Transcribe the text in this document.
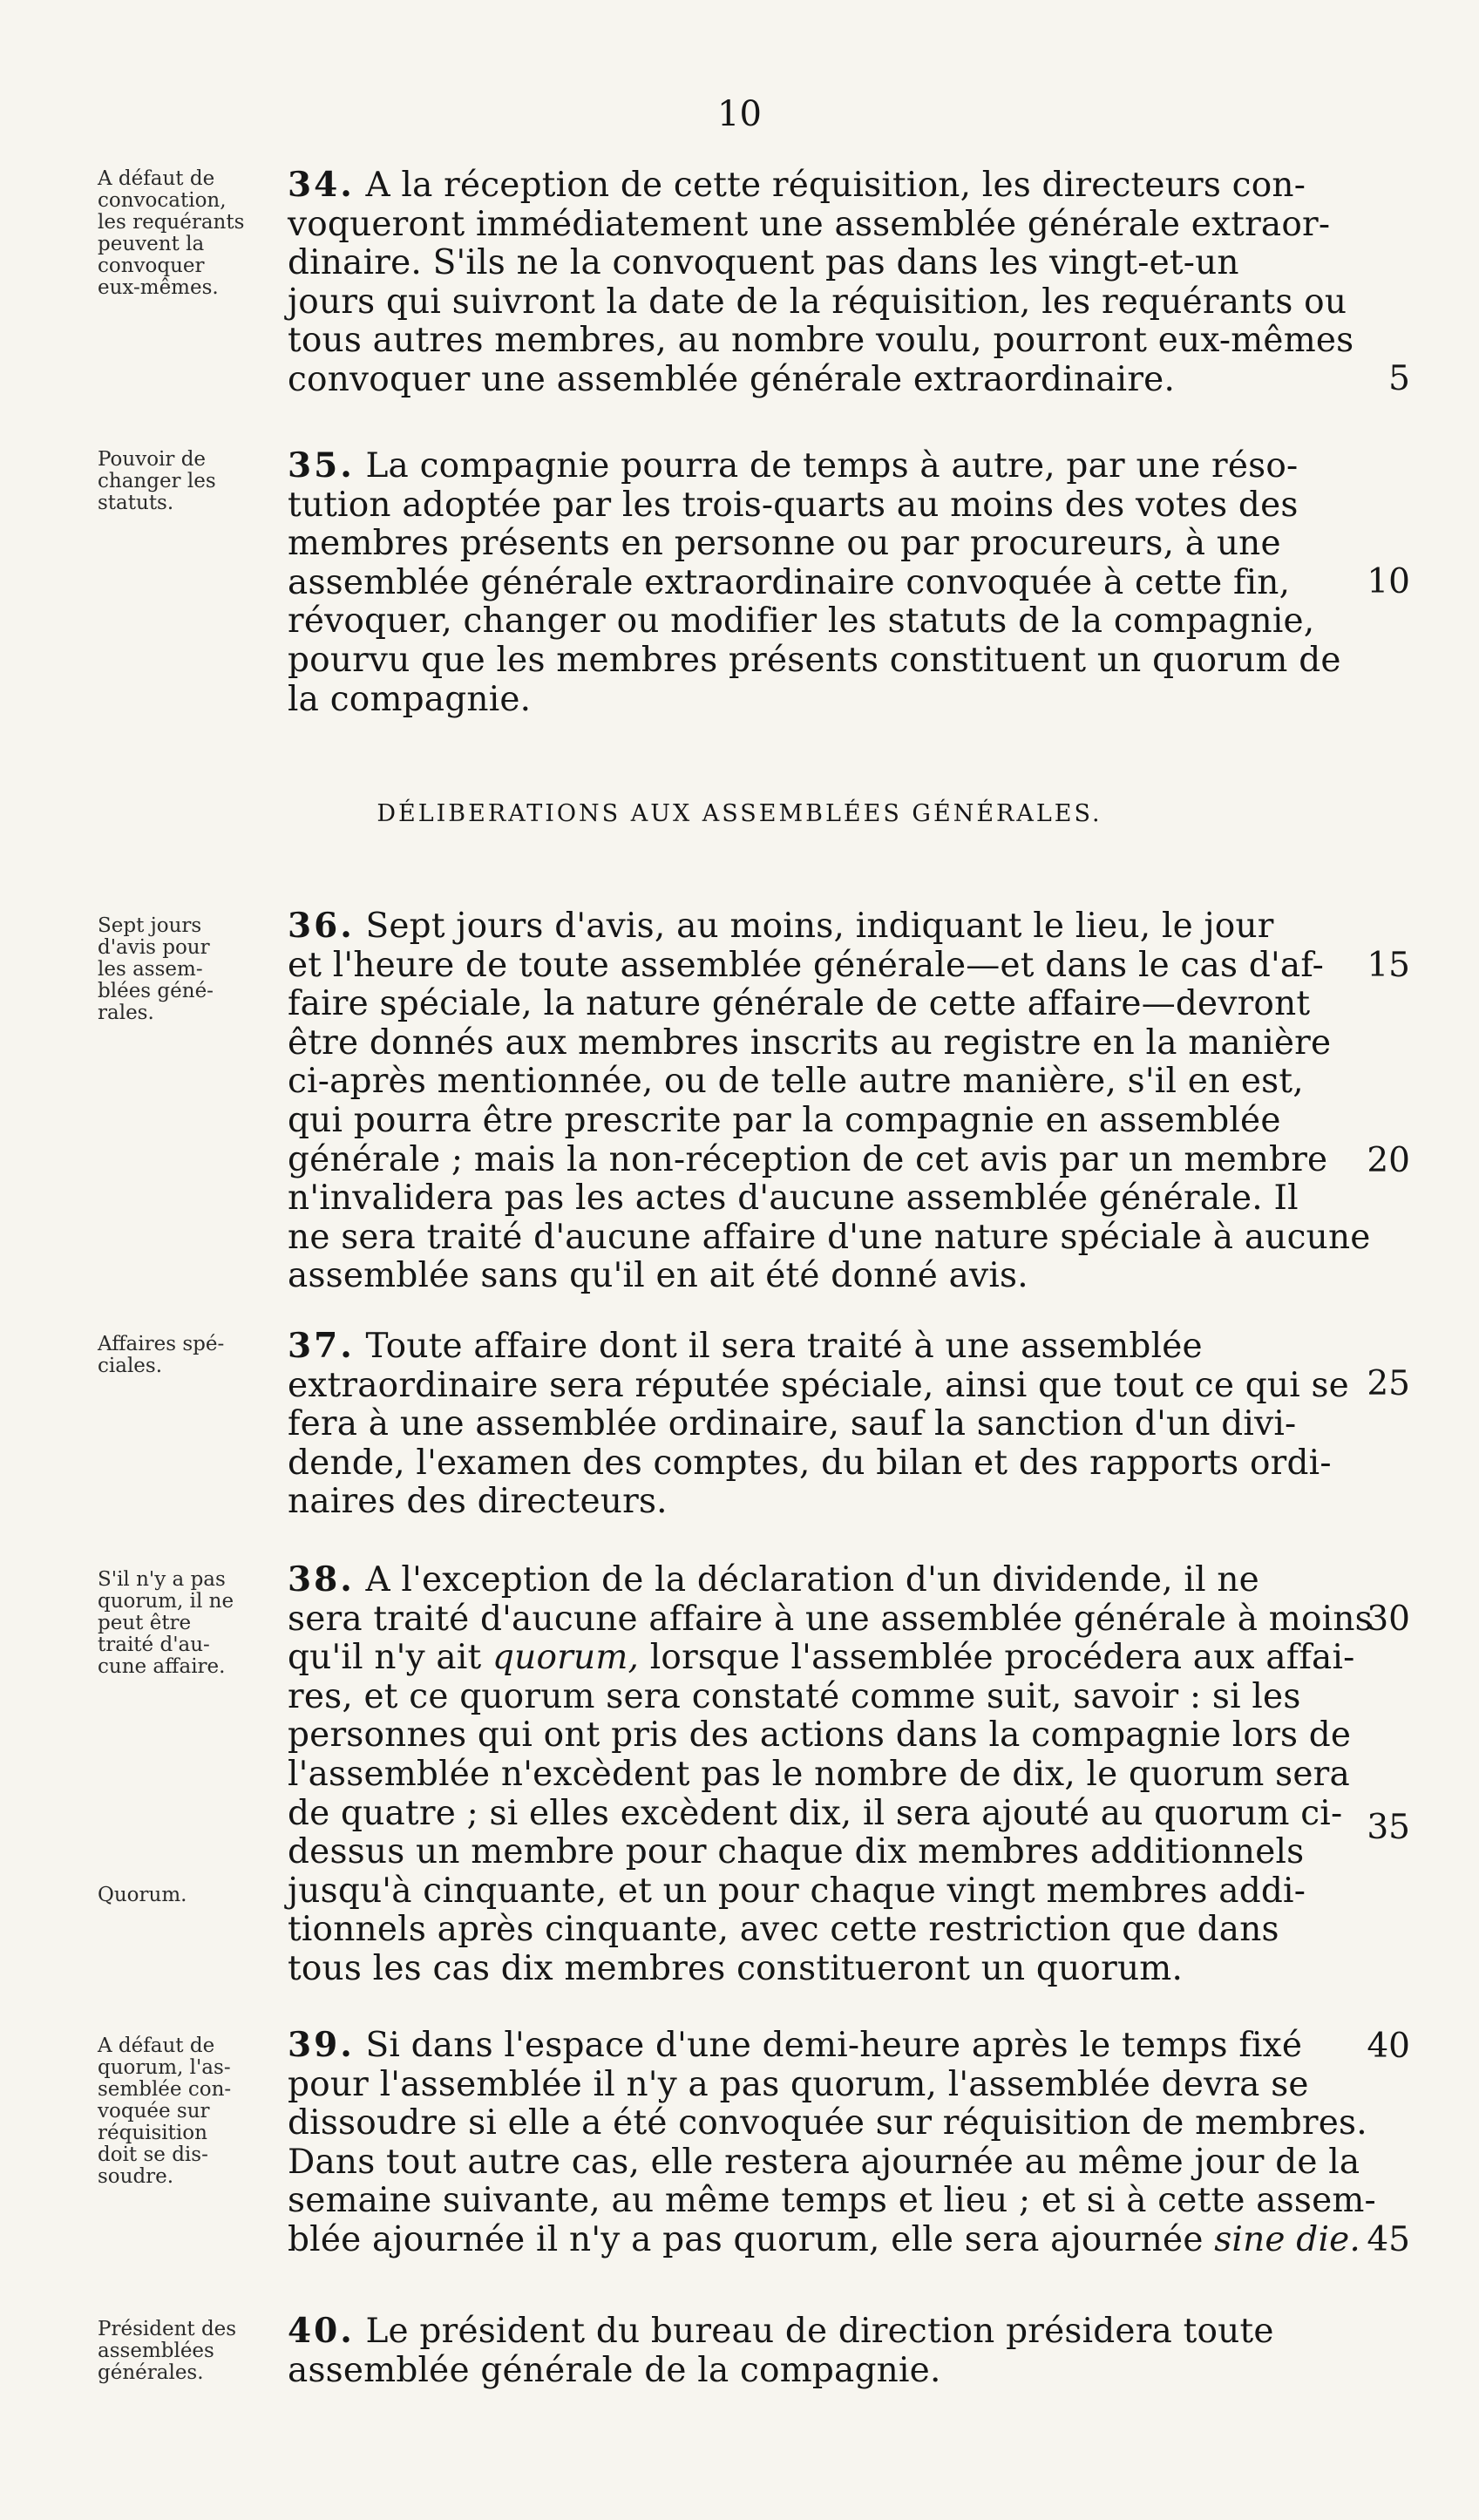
10
A défaut de
convocation,
les requérants
peuvent la
convoquer
eux-mêmes.
34. A la réception de cette réquisition, les directeurs con-
voqueront immédiatement une assemblée générale extraor-
dinaire. S'ils ne la convoquent pas dans les vingt-et-un
jours qui suivront la date de la réquisition, les requérants ou
tous autres membres, au nombre voulu, pourront eux-mêmes
convoquer une assemblée générale extraordinaire.
Pouvoir de
changer les
statuts.
35. La compagnie pourra de temps à autre, par une réso-
tution adoptée par les trois-quarts au moins des votes des
membres présents en personne ou par procureurs, à une
assemblée générale extraordinaire convoquée à cette fin,
révoquer, changer ou modifier les statuts de la compagnie,
pourvu que les membres présents constituent un quorum de
la compagnie.
DÉLIBERATIONS AUX ASSEMBLÉES GÉNÉRALES.
Sept jours
d'avis pour
les assem-
blées géné-
rales.
36. Sept jours d'avis, au moins, indiquant le lieu, le jour
et l'heure de toute assemblée générale—et dans le cas d'af-
faire spéciale, la nature générale de cette affaire—devront
être donnés aux membres inscrits au registre en la manière
ci-après mentionnée, ou de telle autre manière, s'il en est,
qui pourra être prescrite par la compagnie en assemblée
générale ; mais la non-réception de cet avis par un membre
n'invalidera pas les actes d'aucune assemblée générale. Il
ne sera traité d'aucune affaire d'une nature spéciale à aucune
assemblée sans qu'il en ait été donné avis.
Affaires spé-
ciales.	37. Toute affaire dont il sera traité à une assemblée
extraordinaire sera réputée spéciale, ainsi que tout ce qui se
fera à une assemblée ordinaire, sauf la sanction d'un divi-
dende, l'examen des comptes, du bilan et des rapports ordi-
naires des directeurs.
S'il n'y a pas
quorum, il ne
peut être
traité d'au-
cune affaire.
Quorum.
38. A l'exception de la déclaration d'un dividende, il ne
sera traité d'aucune affaire à une assemblée générale à moins
qu'il n'y ait quorum, lorsque l'assemblée procédera aux affai-
res, et ce quorum sera constaté comme suit, savoir : si les
personnes qui ont pris des actions dans la compagnie lors de
l'assemblée n'excèdent pas le nombre de dix, le quorum sera
de quatre ; si elles excèdent dix, il sera ajouté au quorum ci-
dessus un membre pour chaque dix membres additionnels
jusqu'à cinquante, et un pour chaque vingt membres addi-
tionnels après cinquante, avec cette restriction que dans
tous les cas dix membres constitueront un quorum.
A défaut de
quorum, l'as-
semblée con-
voquée sur
réquisition
doit se dis-
soudre.
39. Si dans l'espace d'une demi-heure après le temps fixé
pour l'assemblée il n'y a pas quorum, l'assemblée devra se
dissoudre si elle a été convoquée sur réquisition de membres.
Dans tout autre cas, elle restera ajournée au même jour de la
semaine suivante, au même temps et lieu ; et si à cette assem-
blée ajournée il n'y a pas quorum, elle sera ajournée sine die.
Président des
assemblées
générales.
40. Le président du bureau de direction présidera toute
assemblée générale de la compagnie.
5
10
15
20
25
30
35
40
45
